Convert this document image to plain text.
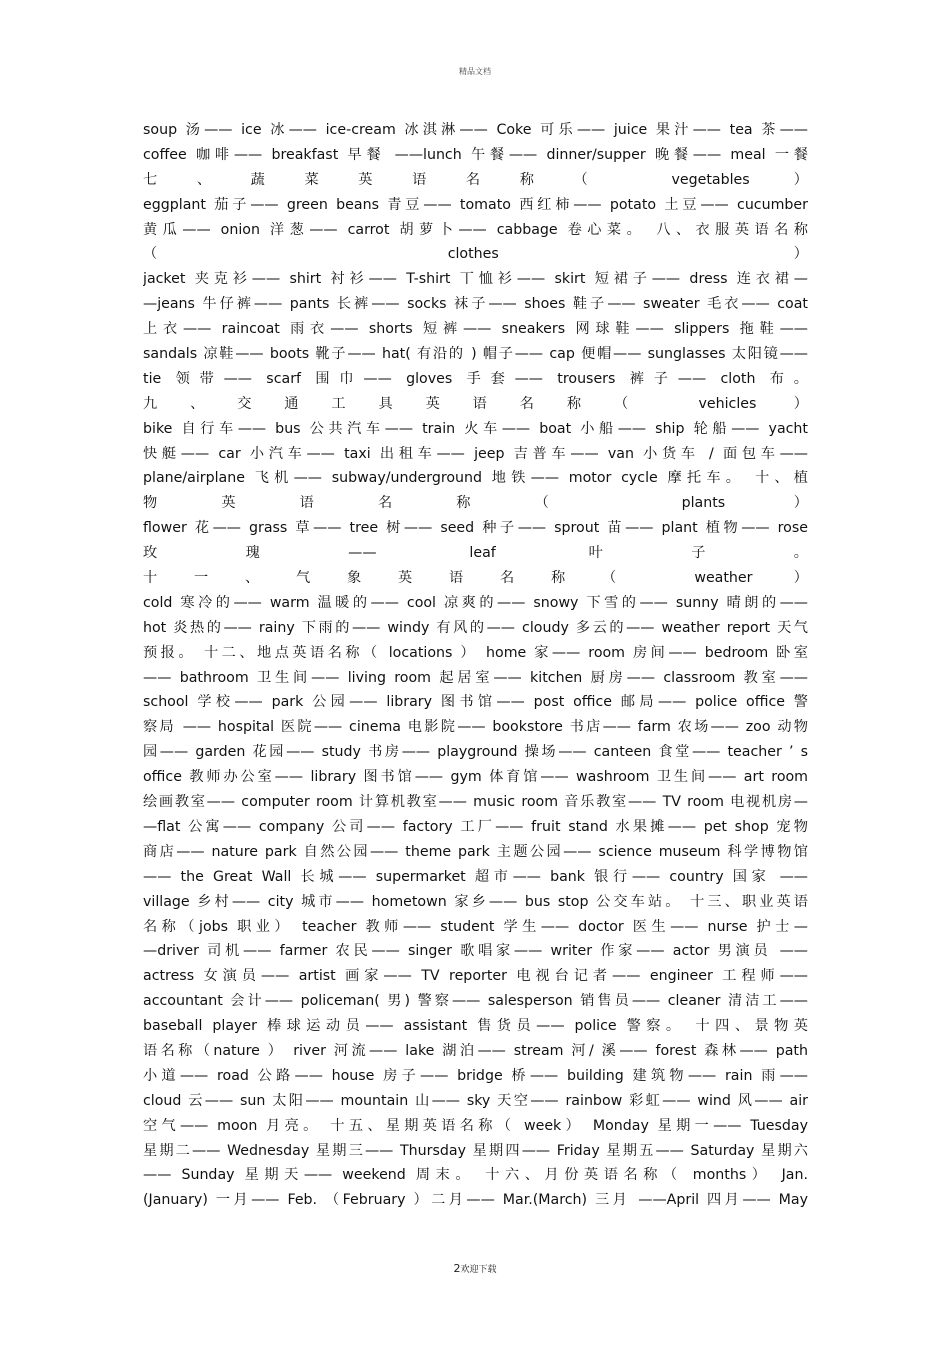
精品文档
soup 汤—— ice 冰—— ice-cream 冰淇淋—— Coke 可乐—— juice 果汁—— tea 茶——
coffee 咖啡—— breakfast 早餐 ——lunch 午餐—— dinner/supper 晚餐—— meal 一餐
七、蔬菜英语名称（ vegetables ）
eggplant 茄子—— green beans 青豆—— tomato 西红柿—— potato 土豆—— cucumber
黄瓜—— onion 洋葱—— carrot 胡萝卜—— cabbage 卷心菜。 八、衣服英语名称
（clothes ）
jacket 夹克衫—— shirt 衬衫—— T-shirt 丅恤衫—— skirt 短裙子—— dress 连衣裙—
—jeans 牛仔裤—— pants 长裤—— socks 袜子—— shoes 鞋子—— sweater 毛衣—— coat
上衣—— raincoat 雨衣—— shorts 短裤—— sneakers 网球鞋—— slippers 拖鞋——
sandals 凉鞋—— boots 靴子—— hat( 有沿的 ) 帽子—— cap 便帽—— sunglasses 太阳镜——
tie 领带—— scarf 围巾—— gloves 手套—— trousers 裤子—— cloth 布。
九、交通工具英语名称（ vehicles ）
bike 自行车—— bus 公共汽车—— train 火车—— boat 小船—— ship 轮船—— yacht
快艇—— car 小汽车—— taxi 出租车—— jeep 吉普车—— van 小货车 / 面包车——
plane/airplane 飞机—— subway/underground 地铁—— motor cycle 摩托车。 十、植
物英语名称（ plants ）
flower 花—— grass 草—— tree 树—— seed 种子—— sprout 苗—— plant 植物—— rose
玫瑰—— leaf 叶子。
十一、气象英语名称（ weather ）
cold 寒冷的—— warm 温暖的—— cool 凉爽的—— snowy 下雪的—— sunny 晴朗的——
hot 炎热的—— rainy 下雨的—— windy 有风的—— cloudy 多云的—— weather report 天气
预报。 十二、地点英语名称（ locations ） home 家—— room 房间—— bedroom 卧室
—— bathroom 卫生间—— living room 起居室—— kitchen 厨房—— classroom 教室——
school 学校—— park 公园—— library 图书馆—— post office 邮局—— police office 警
察局 —— hospital 医院—— cinema 电影院—— bookstore 书店—— farm 农场—— zoo 动物
园—— garden 花园—— study 书房—— playground 操场—— canteen 食堂—— teacher ’ s
office 教师办公室—— library 图书馆—— gym 体育馆—— washroom 卫生间—— art room
绘画教室—— computer room 计算机教室—— music room 音乐教室—— TV room 电视机房—
—flat 公寓—— company 公司—— factory 工厂—— fruit stand 水果摊—— pet shop 宠物
商店—— nature park 自然公园—— theme park 主题公园—— science museum 科学博物馆
—— the Great Wall 长城—— supermarket 超市—— bank 银行—— country 国家 ——
village 乡村—— city 城市—— hometown 家乡—— bus stop 公交车站。 十三、职业英语
名称（jobs 职业） teacher 教师—— student 学生—— doctor 医生—— nurse 护士—
—driver 司机—— farmer 农民—— singer 歌唱家—— writer 作家—— actor 男演员 ——
actress 女演员—— artist 画家—— TV reporter 电视台记者—— engineer 工程师——
accountant 会计—— policeman( 男) 警察—— salesperson 销售员—— cleaner 清洁工——
baseball player 棒球运动员—— assistant 售货员—— police 警察。 十四、景物英
语名称（nature ） river 河流—— lake 湖泊—— stream 河/ 溪—— forest 森林—— path
小道—— road 公路—— house 房子—— bridge 桥—— building 建筑物—— rain 雨——
cloud 云—— sun 太阳—— mountain 山—— sky 天空—— rainbow 彩虹—— wind 风—— air
空气—— moon 月亮。 十五、星期英语名称（ week） Monday 星期一—— Tuesday
星期二—— Wednesday 星期三—— Thursday 星期四—— Friday 星期五—— Saturday 星期六
—— Sunday 星期天—— weekend 周末。 十六、月份英语名称（ months） Jan.
(January) 一月—— Feb. （February ）二月—— Mar.(March) 三月 ——April 四月—— May
2欢迎下载
